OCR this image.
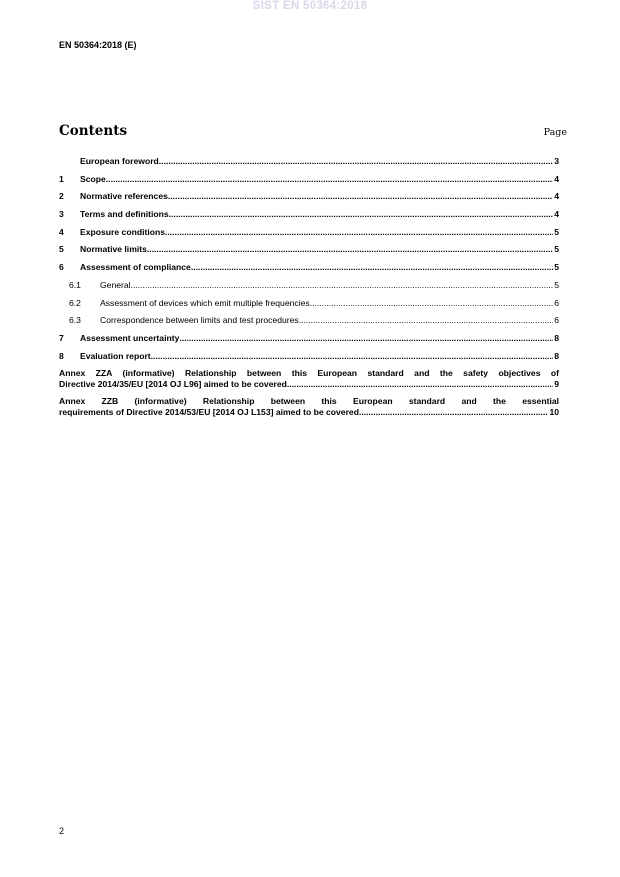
SIST EN 50364:2018
EN 50364:2018 (E)
Contents	Page
European foreword .....	3
1	Scope .....	4
2	Normative references .....	4
3	Terms and definitions .....	4
4	Exposure conditions .....	5
5	Normative limits .....	5
6	Assessment of compliance .....	5
6.1	General .....	5
6.2	Assessment of devices which emit multiple frequencies .....	6
6.3	Correspondence between limits and test procedures .....	6
7	Assessment uncertainty .....	8
8	Evaluation report .....	8
Annex ZZA (informative) Relationship between this European standard and the safety objectives of
Directive 2014/35/EU [2014 OJ L96] aimed to be covered .....	9
Annex ZZB (informative) Relationship between this European standard and the essential
requirements of Directive 2014/53/EU [2014 OJ L153] aimed to be covered .....	10
2
